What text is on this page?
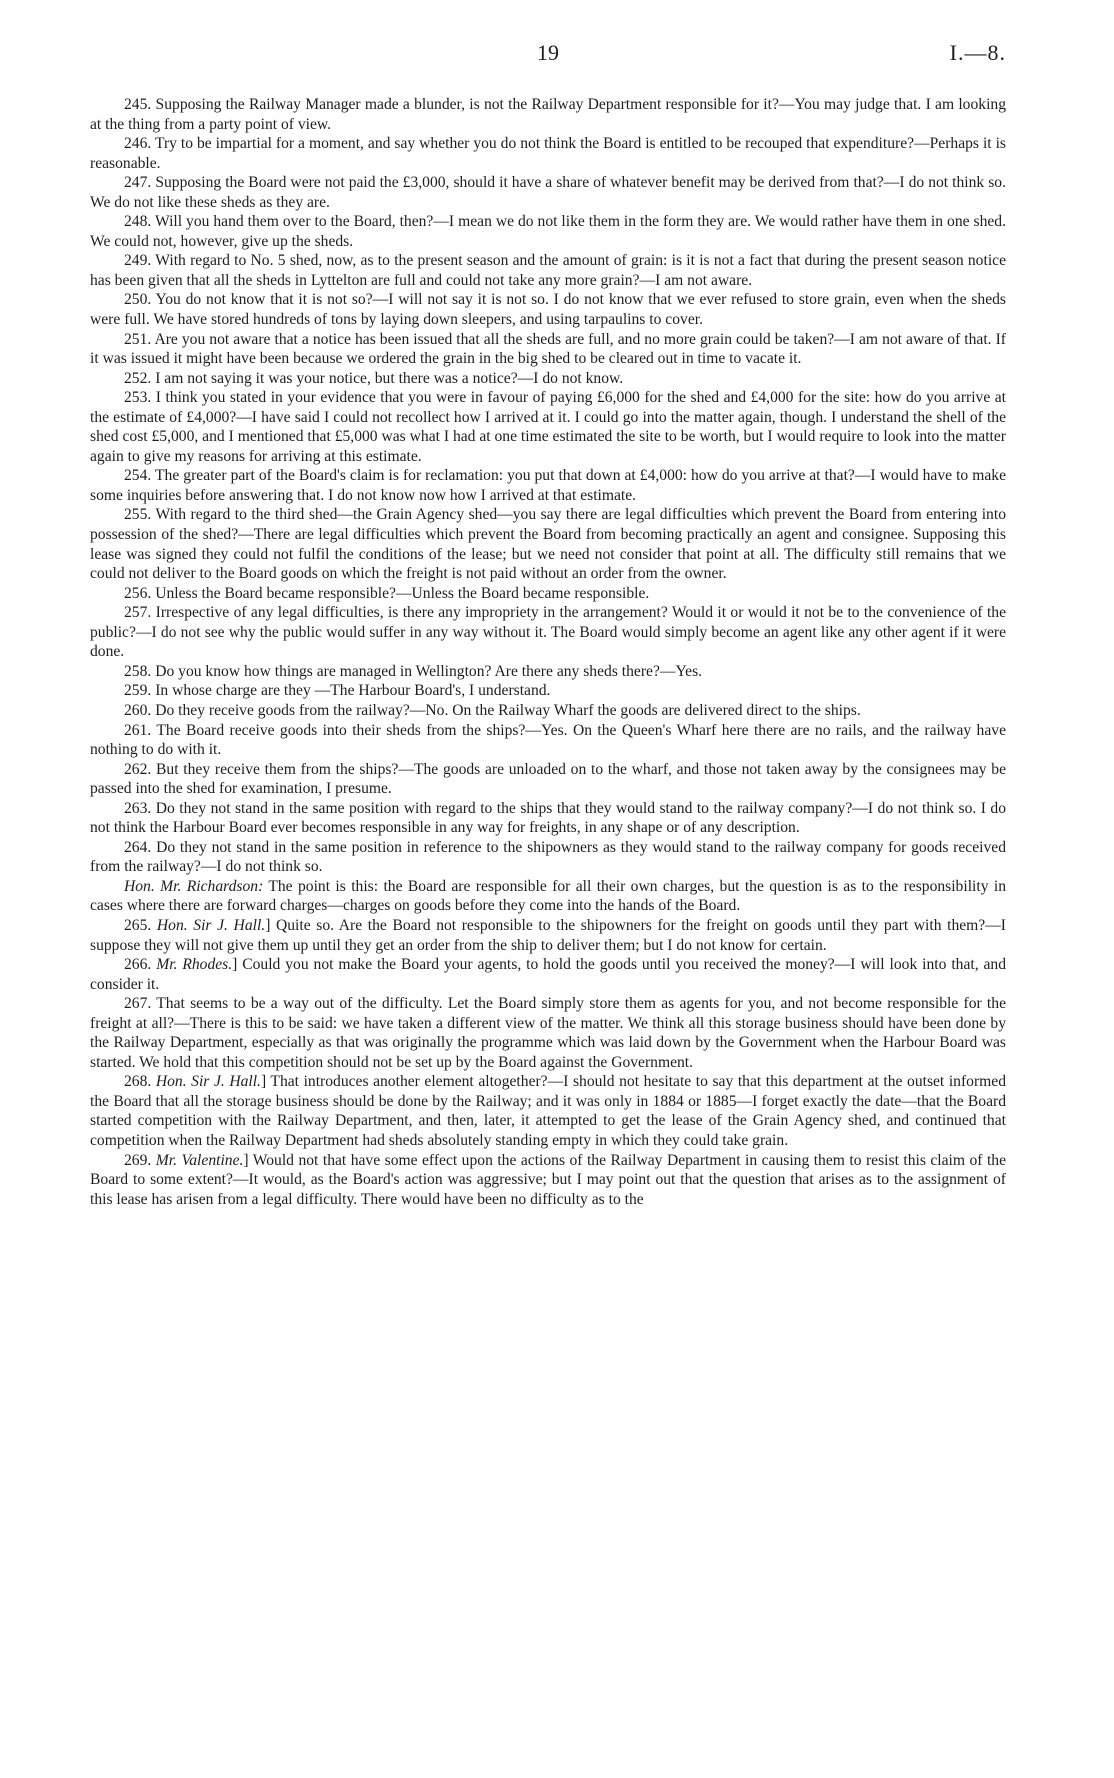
19	I.—8.

245. Supposing the Railway Manager made a blunder, is not the Railway Department responsible for it?—You may judge that. I am looking at the thing from a party point of view.

246. Try to be impartial for a moment, and say whether you do not think the Board is entitled to be recouped that expenditure?—Perhaps it is reasonable.

247. Supposing the Board were not paid the £3,000, should it have a share of whatever benefit may be derived from that?—I do not think so. We do not like these sheds as they are.

248. Will you hand them over to the Board, then?—I mean we do not like them in the form they are. We would rather have them in one shed. We could not, however, give up the sheds.

249. With regard to No. 5 shed, now, as to the present season and the amount of grain: is it is not a fact that during the present season notice has been given that all the sheds in Lyttelton are full and could not take any more grain?—I am not aware.

250. You do not know that it is not so?—I will not say it is not so. I do not know that we ever refused to store grain, even when the sheds were full. We have stored hundreds of tons by laying down sleepers, and using tarpaulins to cover.

251. Are you not aware that a notice has been issued that all the sheds are full, and no more grain could be taken?—I am not aware of that. If it was issued it might have been because we ordered the grain in the big shed to be cleared out in time to vacate it.

252. I am not saying it was your notice, but there was a notice?—I do not know.

253. I think you stated in your evidence that you were in favour of paying £6,000 for the shed and £4,000 for the site: how do you arrive at the estimate of £4,000?—I have said I could not recollect how I arrived at it. I could go into the matter again, though. I understand the shell of the shed cost £5,000, and I mentioned that £5,000 was what I had at one time estimated the site to be worth, but I would require to look into the matter again to give my reasons for arriving at this estimate.

254. The greater part of the Board's claim is for reclamation: you put that down at £4,000: how do you arrive at that?—I would have to make some inquiries before answering that. I do not know now how I arrived at that estimate.

255. With regard to the third shed—the Grain Agency shed—you say there are legal difficulties which prevent the Board from entering into possession of the shed?—There are legal difficulties which prevent the Board from becoming practically an agent and consignee. Supposing this lease was signed they could not fulfil the conditions of the lease; but we need not consider that point at all. The difficulty still remains that we could not deliver to the Board goods on which the freight is not paid without an order from the owner.

256. Unless the Board became responsible?—Unless the Board became responsible.

257. Irrespective of any legal difficulties, is there any impropriety in the arrangement? Would it or would it not be to the convenience of the public?—I do not see why the public would suffer in any way without it. The Board would simply become an agent like any other agent if it were done.

258. Do you know how things are managed in Wellington? Are there any sheds there?—Yes.

259. In whose charge are they —The Harbour Board's, I understand.

260. Do they receive goods from the railway?—No. On the Railway Wharf the goods are delivered direct to the ships.

261. The Board receive goods into their sheds from the ships?—Yes. On the Queen's Wharf here there are no rails, and the railway have nothing to do with it.

262. But they receive them from the ships?—The goods are unloaded on to the wharf, and those not taken away by the consignees may be passed into the shed for examination, I presume.

263. Do they not stand in the same position with regard to the ships that they would stand to the railway company?—I do not think so. I do not think the Harbour Board ever becomes responsible in any way for freights, in any shape or of any description.

264. Do they not stand in the same position in reference to the shipowners as they would stand to the railway company for goods received from the railway?—I do not think so.

Hon. Mr. Richardson: The point is this: the Board are responsible for all their own charges, but the question is as to the responsibility in cases where there are forward charges—charges on goods before they come into the hands of the Board.

265. Hon. Sir J. Hall.] Quite so. Are the Board not responsible to the shipowners for the freight on goods until they part with them?—I suppose they will not give them up until they get an order from the ship to deliver them; but I do not know for certain.

266. Mr. Rhodes.] Could you not make the Board your agents, to hold the goods until you received the money?—I will look into that, and consider it.

267. That seems to be a way out of the difficulty. Let the Board simply store them as agents for you, and not become responsible for the freight at all?—There is this to be said: we have taken a different view of the matter. We think all this storage business should have been done by the Railway Department, especially as that was originally the programme which was laid down by the Government when the Harbour Board was started. We hold that this competition should not be set up by the Board against the Government.

268. Hon. Sir J. Hall.] That introduces another element altogether?—I should not hesitate to say that this department at the outset informed the Board that all the storage business should be done by the Railway; and it was only in 1884 or 1885—I forget exactly the date—that the Board started competition with the Railway Department, and then, later, it attempted to get the lease of the Grain Agency shed, and continued that competition when the Railway Department had sheds absolutely standing empty in which they could take grain.

269. Mr. Valentine.] Would not that have some effect upon the actions of the Railway Department in causing them to resist this claim of the Board to some extent?—It would, as the Board's action was aggressive; but I may point out that the question that arises as to the assignment of this lease has arisen from a legal difficulty. There would have been no difficulty as to the
